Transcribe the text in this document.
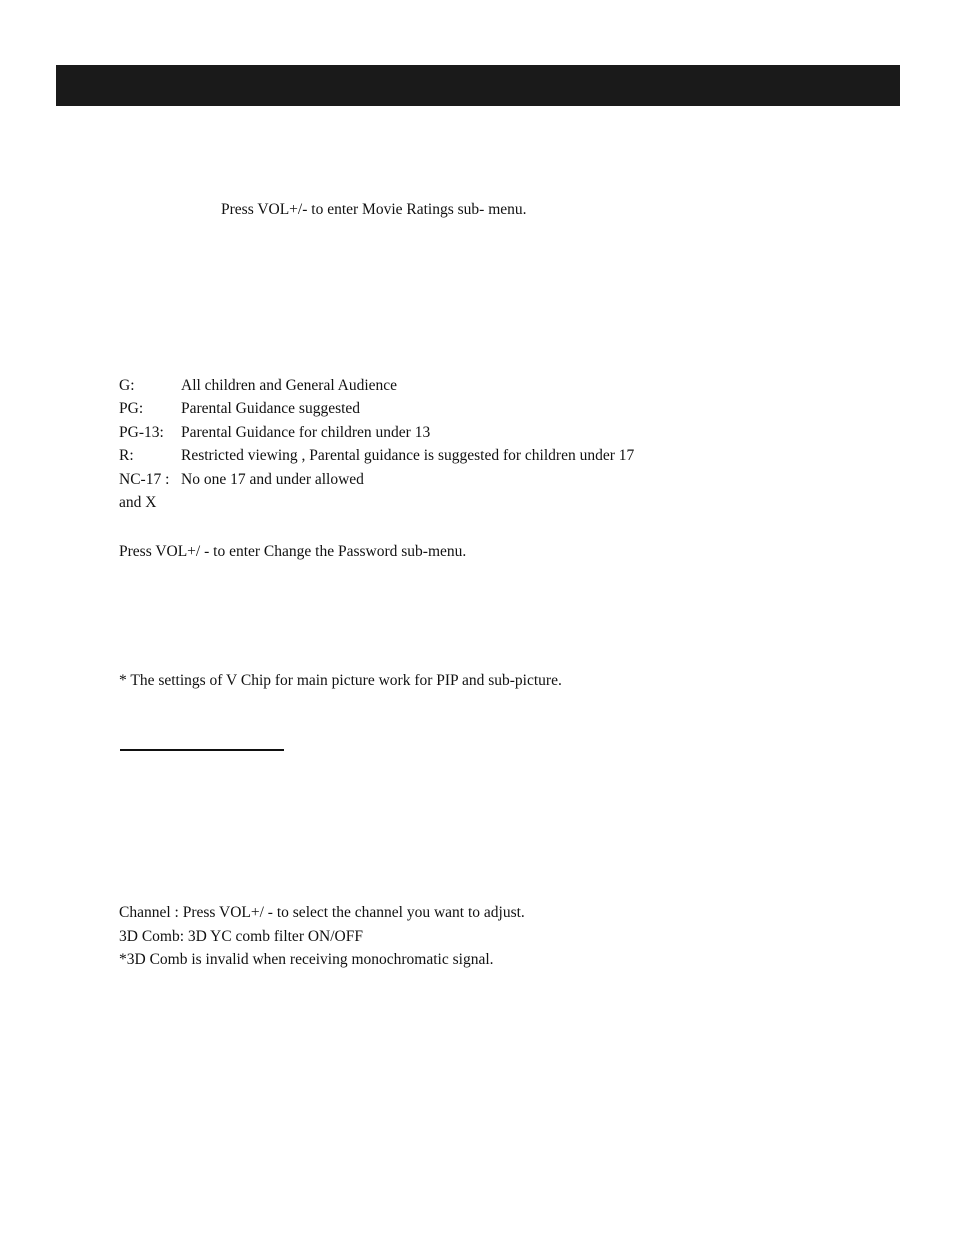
Press VOL+/- to enter Movie Ratings sub- menu.
G:	All children and General Audience
PG: Parental Guidance suggested
PG-13: Parental Guidance for children under 13
R:	Restricted viewing , Parental guidance is suggested for children under 17
NC-17 : No one 17 and under allowed
and X
Press VOL+/ - to enter Change the Password sub-menu.
* The settings of V Chip for main picture work for PIP and sub-picture.
Channel : Press VOL+/ - to select the channel you want to adjust.
3D Comb: 3D YC comb filter ON/OFF
*3D Comb is invalid when receiving monochromatic signal.
